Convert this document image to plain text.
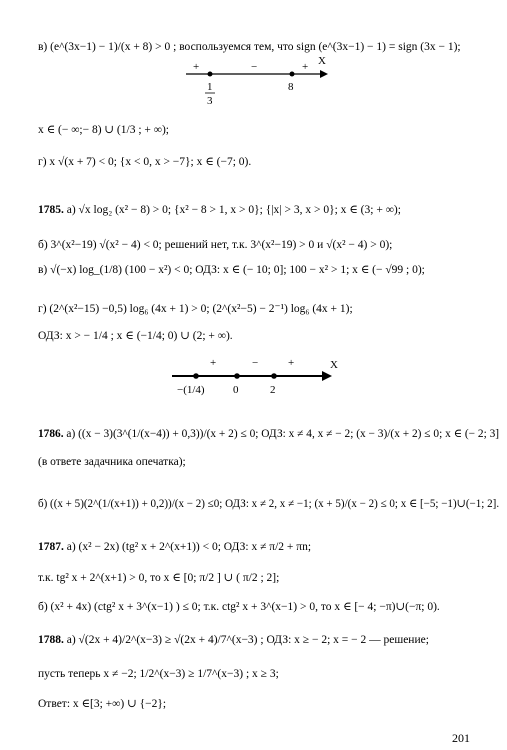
в) (e^(3x−1) − 1)/(x + 8) > 0 ; воспользуемся тем, что sign (e^(3x−1) − 1) = sign (3x − 1);
+	−	+ X
1
3
8
x ∈ (− ∞;− 8) ∪ (1/3 ; + ∞);
г) x √(x + 7) < 0; {x < 0, x > −7}; x ∈ (−7; 0).
1785. а) √x log₂ (x² − 8) > 0; {x² − 8 > 1, x > 0}; {|x| > 3, x > 0}; x ∈ (3; + ∞);
б) 3^(x²−19) √(x² − 4) < 0; решений нет, т.к. 3^(x²−19) > 0 и √(x² − 4) > 0);
в) √(−x) log_(1/8) (100 − x²) < 0; ОДЗ: x ∈ (− 10; 0]; 100 − x² > 1; x ∈ (− √99 ; 0);
г) (2^(x²−15) −0,5) log₆ (4x + 1) > 0; (2^(x²−5) − 2⁻¹) log₆ (4x + 1);
ОДЗ: x > − 1/4 ; x ∈ (−1/4; 0) ∪ (2; + ∞).
+	−	+	X
−(1/4)	0	2
1786. а) ((x − 3)(3^(1/(x−4)) + 0,3))/(x + 2) ≤ 0; ОДЗ: x ≠ 4, x ≠ − 2; (x − 3)/(x + 2) ≤ 0; x ∈ (− 2; 3]
(в ответе задачника опечатка);
б) ((x + 5)(2^(1/(x+1)) + 0,2))/(x − 2) ≤0; ОДЗ: x ≠ 2, x ≠ −1; (x + 5)/(x − 2) ≤ 0; x ∈ [−5; −1)∪(−1; 2].
1787. а) (x² − 2x) (tg² x + 2^(x+1)) < 0; ОДЗ: x ≠ π/2 + πn;
т.к. tg² x + 2^(x+1) > 0, то x ∈ [0; π/2 ] ∪ ( π/2 ; 2];
б) (x² + 4x) (ctg² x + 3^(x−1) ) ≤ 0; т.к. ctg² x + 3^(x−1) > 0, то x ∈ [− 4; −π)∪(−π; 0).
1788. а) √(2x + 4)/2^(x−3) ≥ √(2x + 4)/7^(x−3) ; ОДЗ: x ≥ − 2; x = − 2 — решение;
пусть теперь x ≠ −2; 1/2^(x−3) ≥ 1/7^(x−3) ; x ≥ 3;
Ответ: x ∈[3; +∞) ∪ {−2};
201
